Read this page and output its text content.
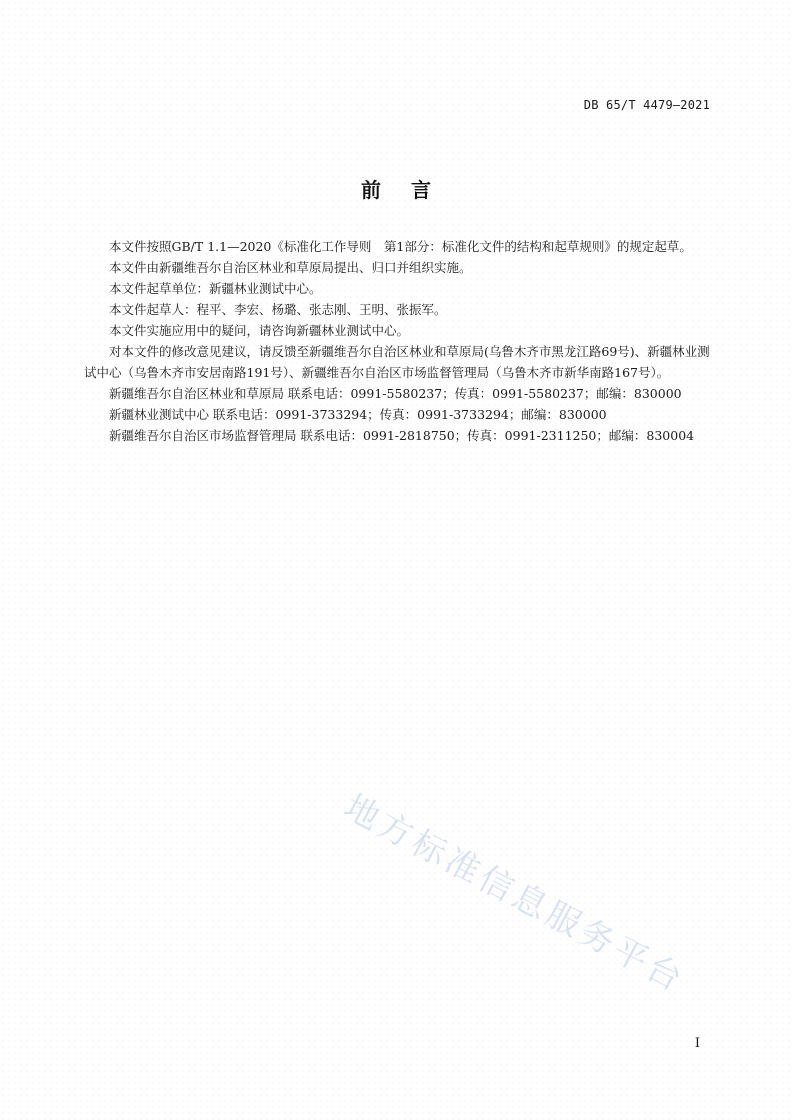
DB 65/T 4479—2021
前言

本文件按照GB/T 1.1—2020《标准化工作导则　第1部分：标准化文件的结构和起草规则》的规定起草。

本文件由新疆维吾尔自治区林业和草原局提出、归口并组织实施。

本文件起草单位：新疆林业测试中心。

本文件起草人：程平、李宏、杨璐、张志刚、王明、张振军。

本文件实施应用中的疑问，请咨询新疆林业测试中心。

对本文件的修改意见建议，请反馈至新疆维吾尔自治区林业和草原局(乌鲁木齐市黑龙江路69号)、新疆林业测试中心（乌鲁木齐市安居南路191号）、新疆维吾尔自治区市场监督管理局（乌鲁木齐市新华南路167号）。

新疆维吾尔自治区林业和草原局 联系电话：0991-5580237；传真：0991-5580237；邮编：830000

新疆林业测试中心 联系电话：0991-3733294；传真：0991-3733294；邮编：830000

新疆维吾尔自治区市场监督管理局 联系电话：0991-2818750；传真：0991-2311250；邮编：830004

地方标准信息服务平台
I
